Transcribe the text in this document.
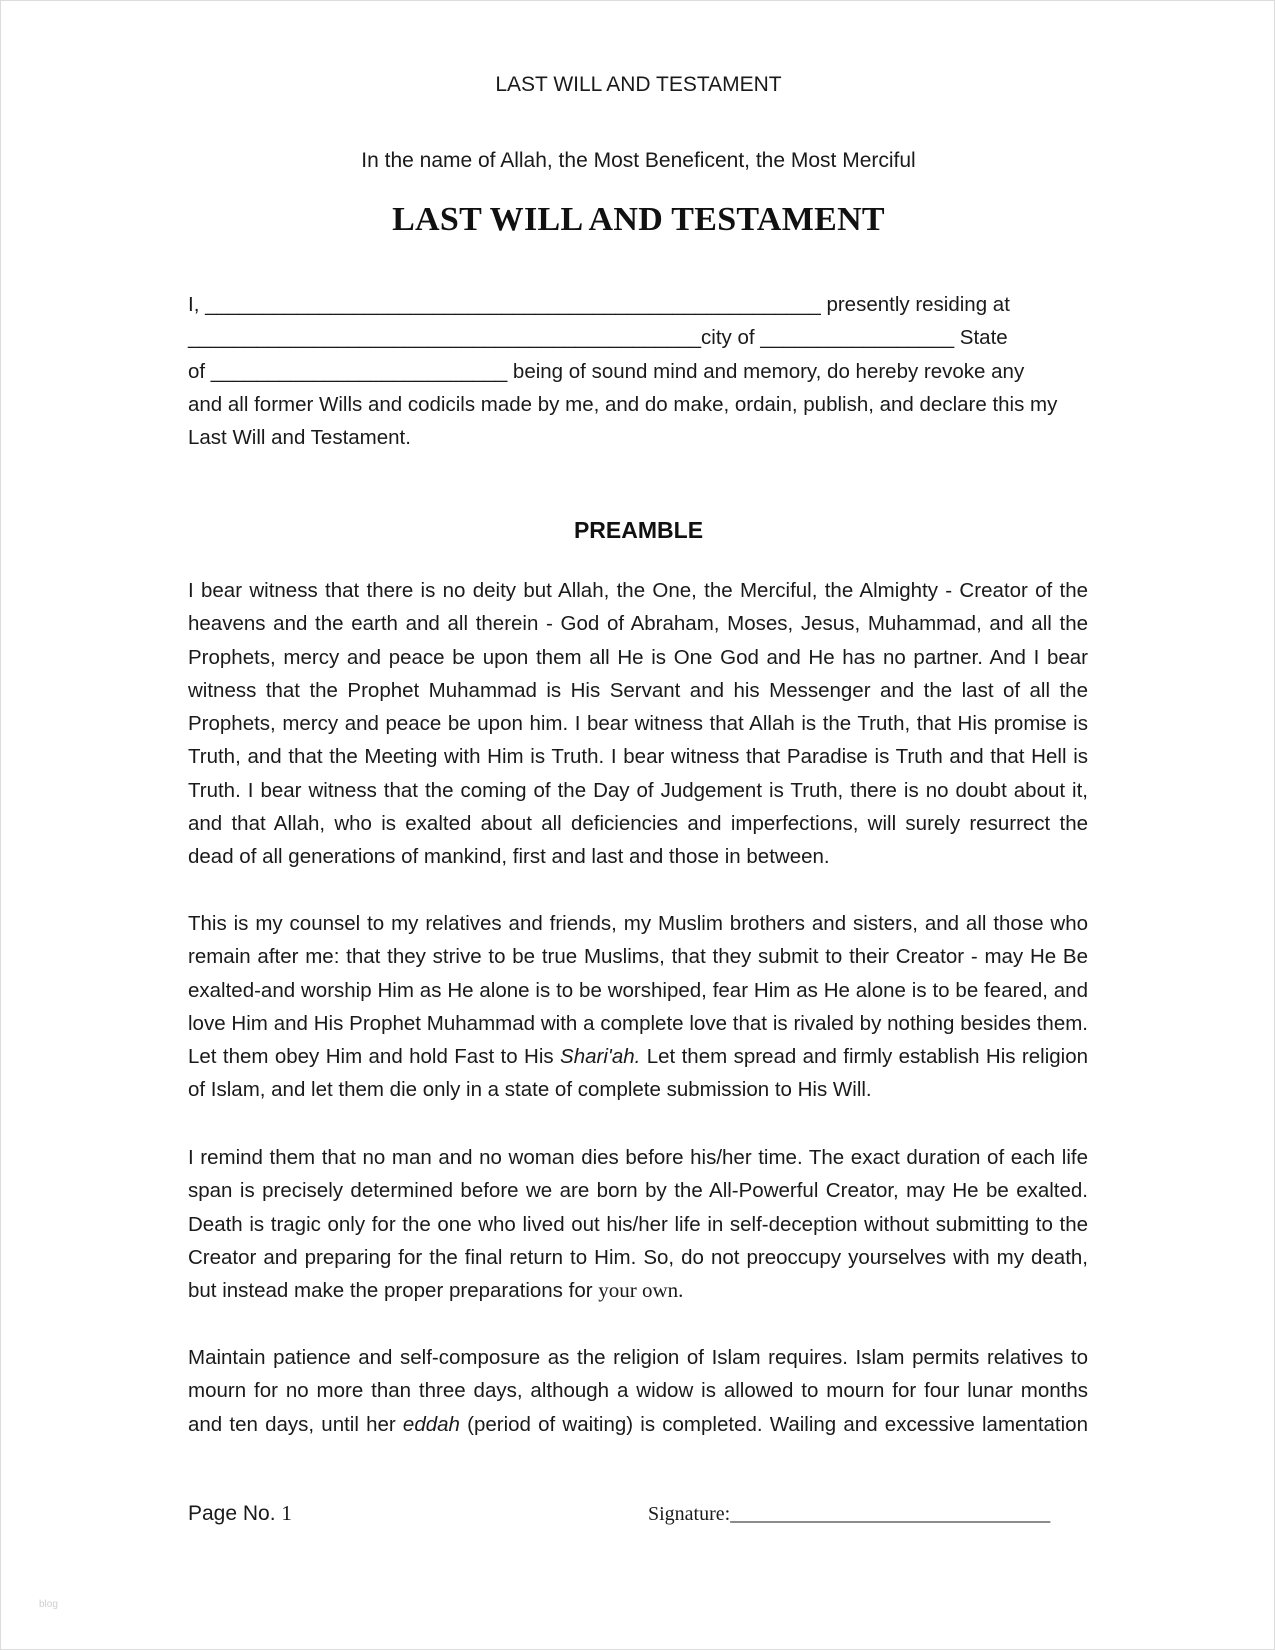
LAST WILL AND TESTAMENT
In the name of Allah, the Most Beneficent, the Most Merciful
LAST WILL AND TESTAMENT
I, ______________________________________________________ presently residing at
_____________________________________________city of _________________ State
of __________________________ being of sound mind and memory, do hereby revoke any
and all former Wills and codicils made by me, and do make, ordain, publish, and declare this my
Last Will and Testament.
PREAMBLE
I bear witness that there is no deity but Allah, the One, the Merciful, the Almighty - Creator of the heavens and the earth and all therein - God of Abraham, Moses, Jesus, Muhammad, and all the Prophets, mercy and peace be upon them all He is One God and He has no partner. And I bear witness that the Prophet Muhammad is His Servant and his Messenger and the last of all the Prophets, mercy and peace be upon him. I bear witness that Allah is the Truth, that His promise is Truth, and that the Meeting with Him is Truth. I bear witness that Paradise is Truth and that Hell is Truth. I bear witness that the coming of the Day of Judgement is Truth, there is no doubt about it, and that Allah, who is exalted about all deficiencies and imperfections, will surely resurrect the dead of all generations of mankind, first and last and those in between.
This is my counsel to my relatives and friends, my Muslim brothers and sisters, and all those who remain after me: that they strive to be true Muslims, that they submit to their Creator - may He Be exalted-and worship Him as He alone is to be worshiped, fear Him as He alone is to be feared, and love Him and His Prophet Muhammad with a complete love that is rivaled by nothing besides them. Let them obey Him and hold Fast to His Shari'ah. Let them spread and firmly establish His religion of Islam, and let them die only in a state of complete submission to His Will.
I remind them that no man and no woman dies before his/her time. The exact duration of each life span is precisely determined before we are born by the All-Powerful Creator, may He be exalted. Death is tragic only for the one who lived out his/her life in self-deception without submitting to the Creator and preparing for the final return to Him. So, do not preoccupy yourselves with my death, but instead make the proper preparations for your own.
Maintain patience and self-composure as the religion of Islam requires. Islam permits relatives to mourn for no more than three days, although a widow is allowed to mourn for four lunar months and ten days, until her eddah (period of waiting) is completed. Wailing and excessive lamentation
Page No. 1	Signature:________________________________
blog
